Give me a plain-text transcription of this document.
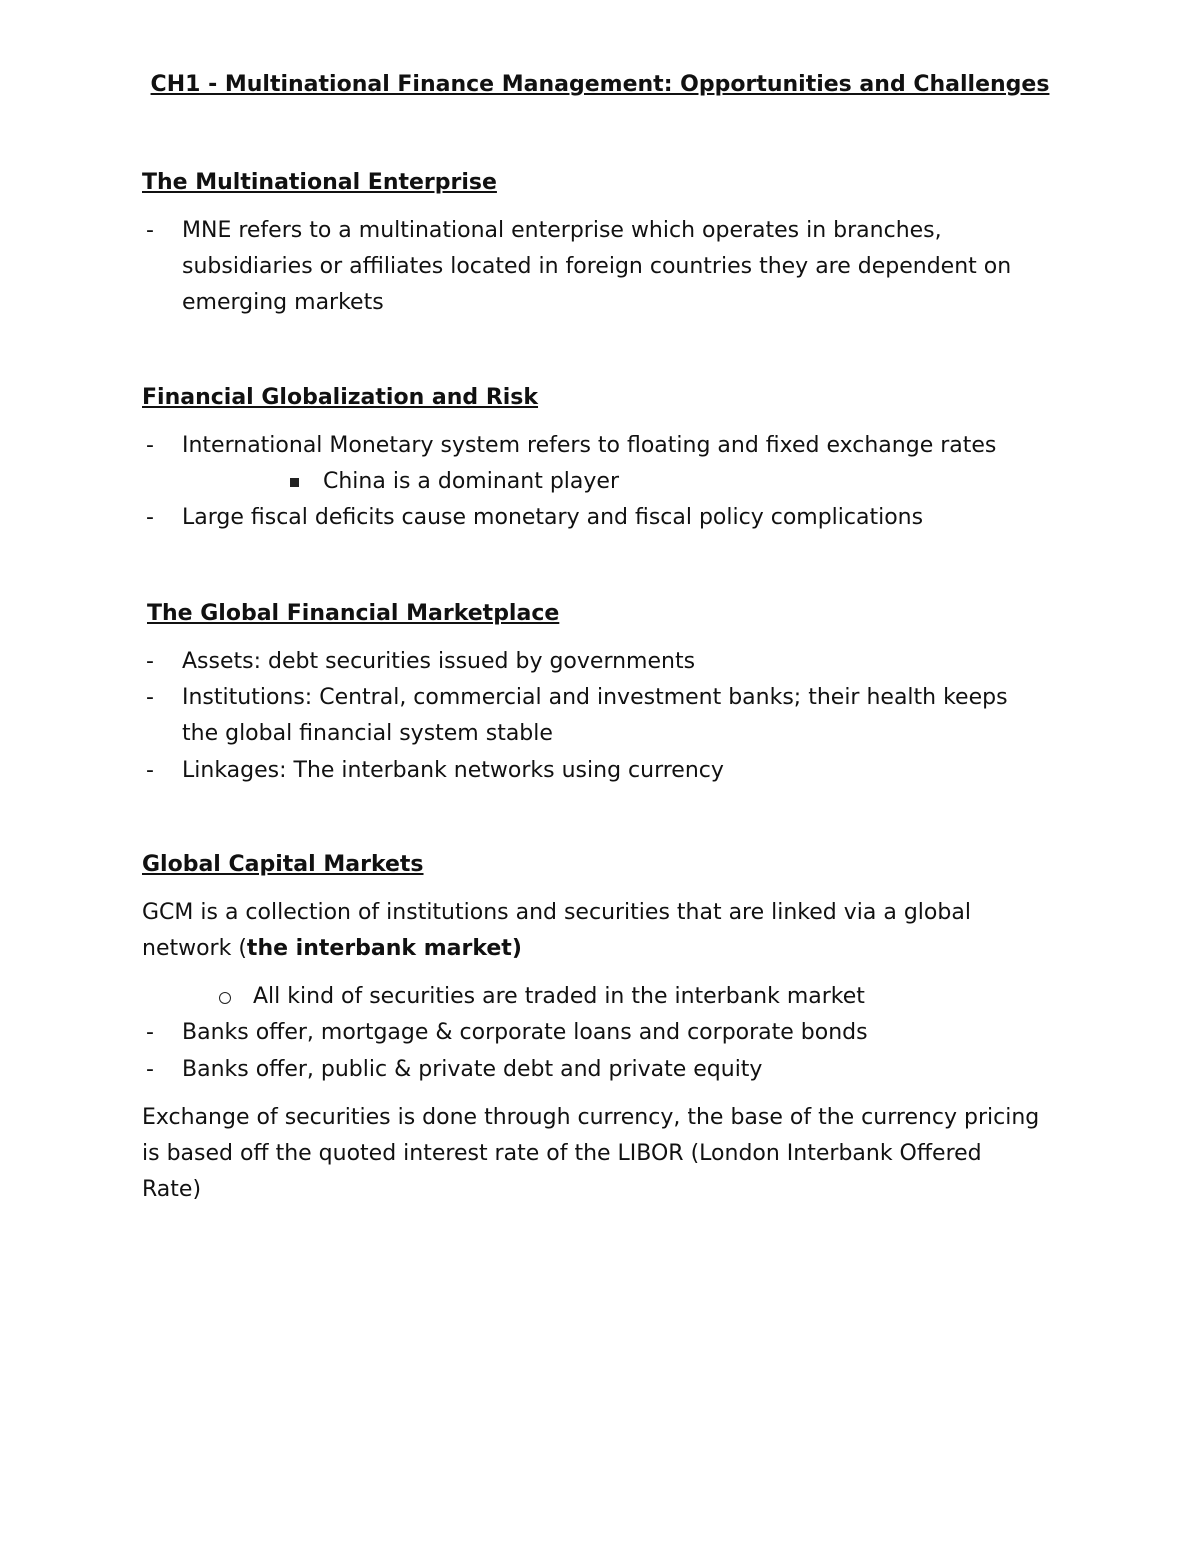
CH1 - Multinational Finance Management: Opportunities and Challenges
The Multinational Enterprise
- MNE refers to a multinational enterprise which operates in branches,
subsidiaries or affiliates located in foreign countries they are dependent on
emerging markets
Financial Globalization and Risk
- International Monetary system refers to floating and fixed exchange rates
China is a dominant player
- Large fiscal deficits cause monetary and fiscal policy complications
The Global Financial Marketplace
- Assets: debt securities issued by governments
- Institutions: Central, commercial and investment banks; their health keeps
the global financial system stable
- Linkages: The interbank networks using currency
Global Capital Markets
GCM is a collection of institutions and securities that are linked via a global
network (the interbank market)
All kind of securities are traded in the interbank market
- Banks offer, mortgage & corporate loans and corporate bonds
- Banks offer, public & private debt and private equity
Exchange of securities is done through currency, the base of the currency pricing
is based off the quoted interest rate of the LIBOR (London Interbank Offered
Rate)
